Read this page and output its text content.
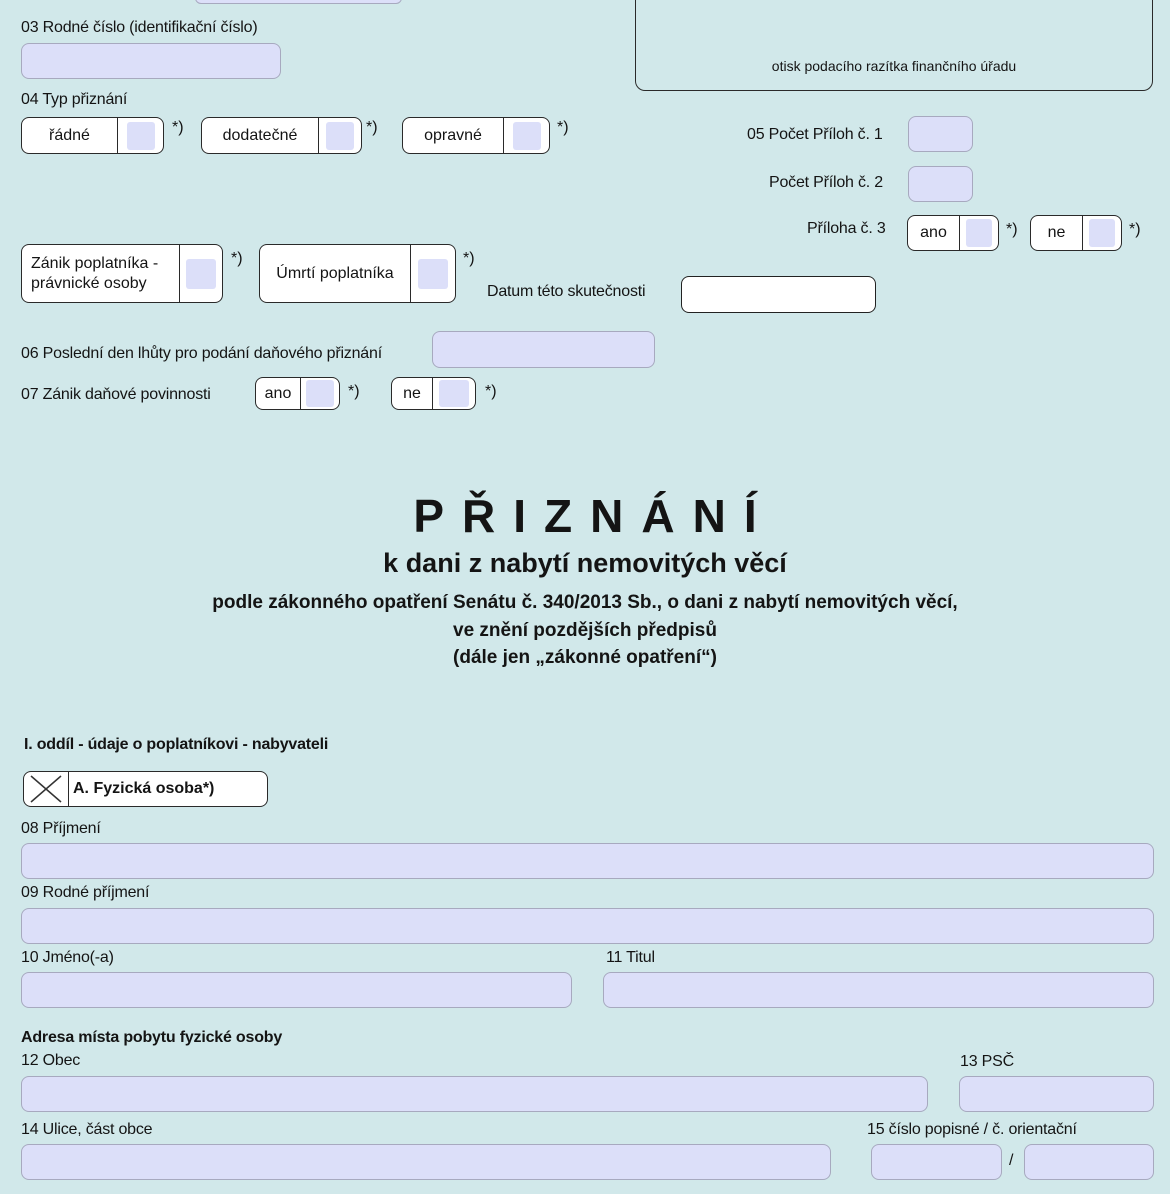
03 Rodné číslo (identifikační číslo)
otisk podacího razítka finančního úřadu
04 Typ přiznání
řádné	*)	dodatečné	*)	opravné	*)	05 Počet Příloh č. 1
Počet Příloh č. 2
Příloha č. 3	ano	*)	ne	*)
Zánik poplatníka - právnické osoby
*)
Úmrtí poplatníka
*)
Datum této skutečnosti
06 Poslední den lhůty pro podání daňového přiznání
07 Zánik daňové povinnosti	ano	*)	ne	*)
PŘIZNÁNÍ
k dani z nabytí nemovitých věcí
podle zákonného opatření Senátu č. 340/2013 Sb., o dani z nabytí nemovitých věcí,
ve znění pozdějších předpisů
(dále jen „zákonné opatření“)
I. oddíl - údaje o poplatníkovi - nabyvateli
A. Fyzická osoba*)
08 Příjmení
09 Rodné příjmení
10 Jméno(-a)	11 Titul
Adresa místa pobytu fyzické osoby
12 Obec	13 PSČ
14 Ulice, část obce	15 číslo popisné / č. orientační
/
